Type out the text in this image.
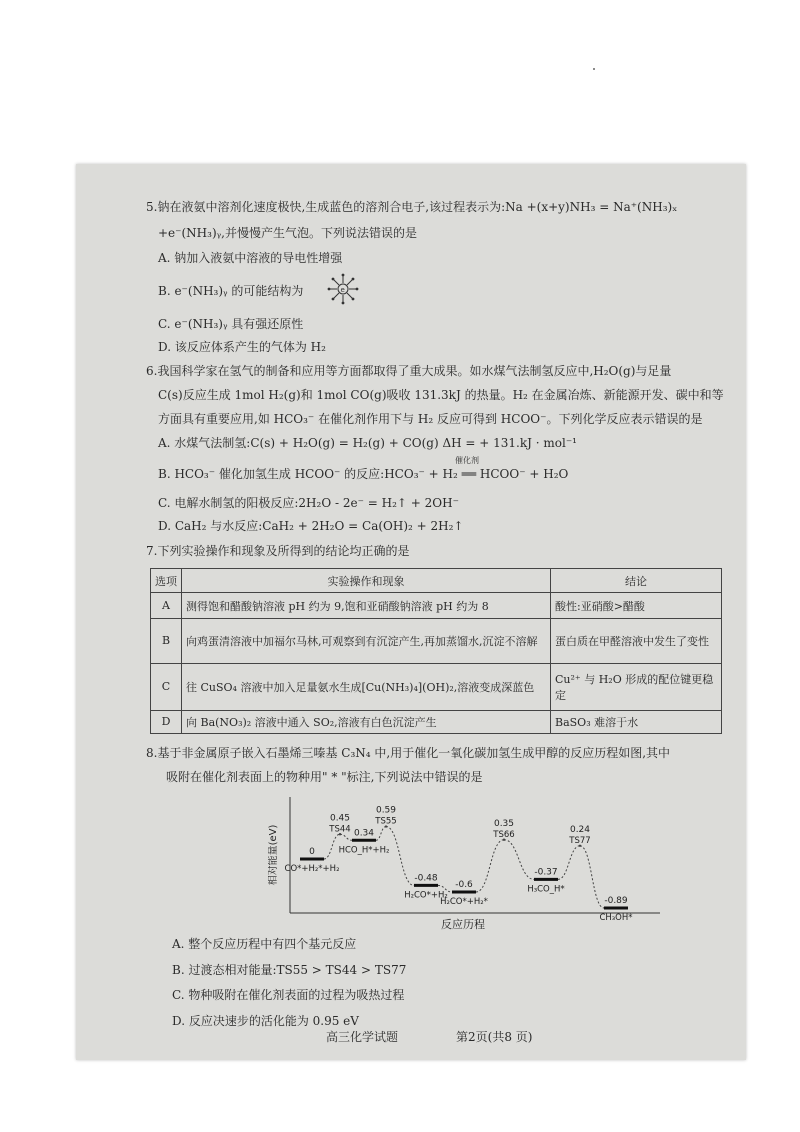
5.钠在液氨中溶剂化速度极快,生成蓝色的溶剂合电子,该过程表示为:Na +(x+y)NH₃ = Na⁺(NH₃)ₓ
+e⁻(NH₃)ᵧ,并慢慢产生气泡。下列说法错误的是
A. 钠加入液氨中溶液的导电性增强
B. e⁻(NH₃)ᵧ 的可能结构为	e
C. e⁻(NH₃)ᵧ 具有强还原性
D. 该反应体系产生的气体为 H₂
6.我国科学家在氢气的制备和应用等方面都取得了重大成果。如水煤气法制氢反应中,H₂O(g)与足量
C(s)反应生成 1mol H₂(g)和 1mol CO(g)吸收 131.3kJ 的热量。H₂ 在金属冶炼、新能源开发、碳中和等
方面具有重要应用,如 HCO₃⁻ 在催化剂作用下与 H₂ 反应可得到 HCOO⁻。下列化学反应表示错误的是
A. 水煤气法制氢:C(s) + H₂O(g) = H₂(g) + CO(g) ΔH = + 131.kJ · mol⁻¹
催化剂
B. HCO₃⁻ 催化加氢生成 HCOO⁻ 的反应:HCO₃⁻ + H₂ ══ HCOO⁻ + H₂O
C. 电解水制氢的阳极反应:2H₂O - 2e⁻ = H₂↑ + 2OH⁻
D. CaH₂ 与水反应:CaH₂ + 2H₂O = Ca(OH)₂ + 2H₂↑
7.下列实验操作和现象及所得到的结论均正确的是
选项	实验操作和现象	结论
A	测得饱和醋酸钠溶液 pH 约为 9,饱和亚硝酸钠溶液 pH 约为 8	酸性:亚硝酸>醋酸
B	向鸡蛋清溶液中加福尔马林,可观察到有沉淀产生,再加蒸馏水,沉淀不溶解	蛋白质在甲醛溶液中发生了变性
C	往 CuSO₄ 溶液中加入足量氨水生成[Cu(NH₃)₄](OH)₂,溶液变成深蓝色	Cu²⁺ 与 H₂O 形成的配位键更稳定
D	向 Ba(NO₃)₂ 溶液中通入 SO₂,溶液有白色沉淀产生	BaSO₃ 难溶于水
8.基于非金属原子嵌入石墨烯三嗪基 C₃N₄ 中,用于催化一氧化碳加氢生成甲醇的反应历程如图,其中
吸附在催化剂表面上的物种用" * "标注,下列说法中错误的是
相对能量(eV)
反应历程
0
CO*+H₂*+H₂
0.45
TS44 0.34
HCO_H*+H₂
0.59
TS55
-0.48
H₂CO*+H₂
-0.6
H₂CO*+H₂*
0.35
TS66
-0.37
H₃CO_H*
0.24
TS77
-0.89
CH₃OH*
A. 整个反应历程中有四个基元反应
B. 过渡态相对能量:TS55 > TS44 > TS77
C. 物种吸附在催化剂表面的过程为吸热过程
D. 反应决速步的活化能为 0.95 eV
高三化学试题	第2页(共8 页)
